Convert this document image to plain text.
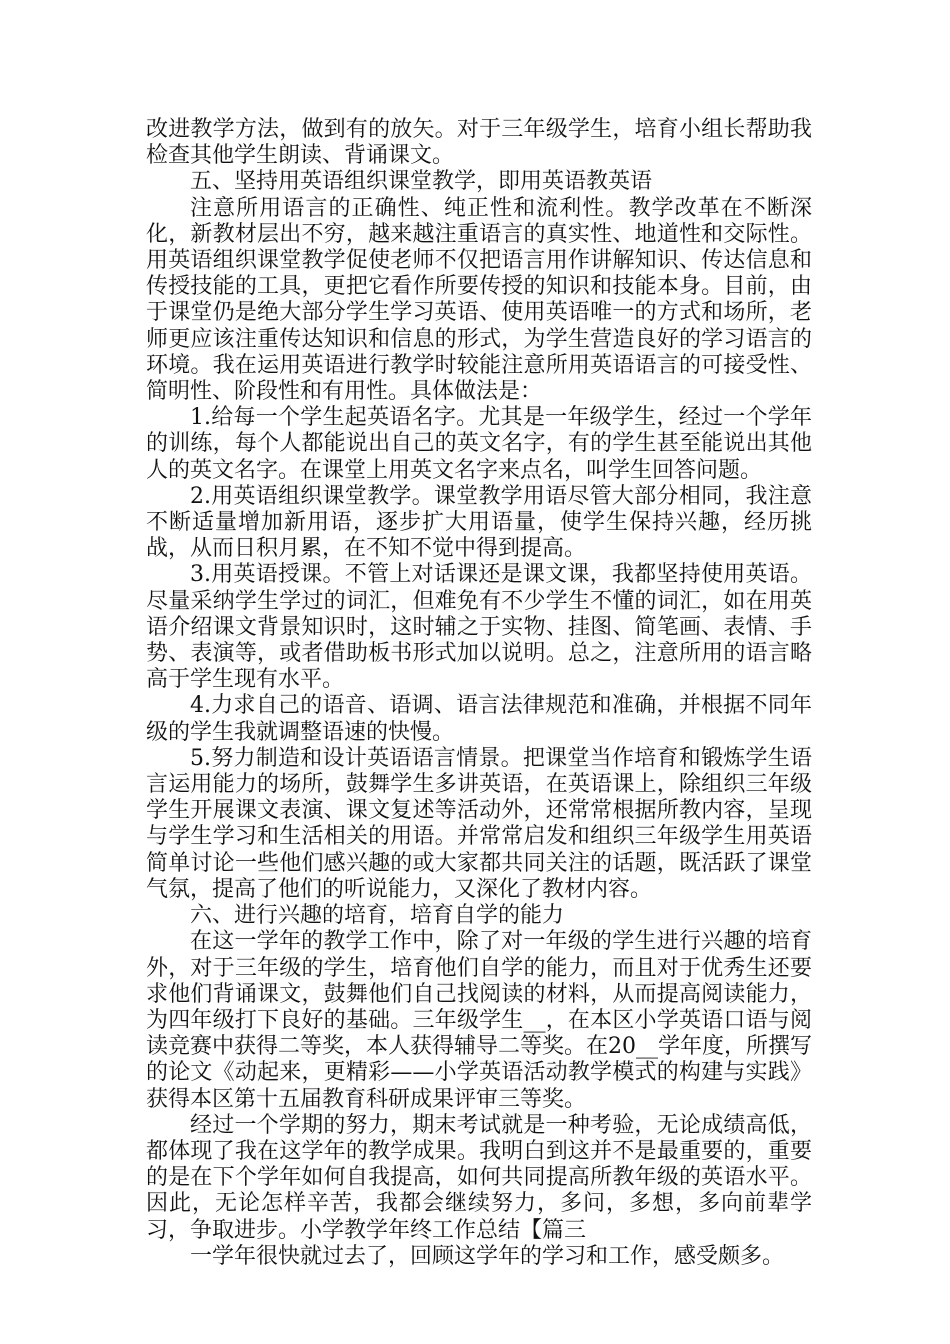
改进教学方法，做到有的放矢。对于三年级学生，培育小组长帮助我检查其他学生朗读、背诵课文。

五、坚持用英语组织课堂教学，即用英语教英语

注意所用语言的正确性、纯正性和流利性。教学改革在不断深化，新教材层出不穷，越来越注重语言的真实性、地道性和交际性。用英语组织课堂教学促使老师不仅把语言用作讲解知识、传达信息和传授技能的工具，更把它看作所要传授的知识和技能本身。目前，由于课堂仍是绝大部分学生学习英语、使用英语唯一的方式和场所，老师更应该注重传达知识和信息的形式，为学生营造良好的学习语言的环境。我在运用英语进行教学时较能注意所用英语语言的可接受性、简明性、阶段性和有用性。具体做法是：

1.给每一个学生起英语名字。尤其是一年级学生，经过一个学年的训练，每个人都能说出自己的英文名字，有的学生甚至能说出其他人的英文名字。在课堂上用英文名字来点名，叫学生回答问题。

2.用英语组织课堂教学。课堂教学用语尽管大部分相同，我注意不断适量增加新用语，逐步扩大用语量，使学生保持兴趣，经历挑战，从而日积月累，在不知不觉中得到提高。

3.用英语授课。不管上对话课还是课文课，我都坚持使用英语。尽量采纳学生学过的词汇，但难免有不少学生不懂的词汇，如在用英语介绍课文背景知识时，这时辅之于实物、挂图、简笔画、表情、手势、表演等，或者借助板书形式加以说明。总之，注意所用的语言略高于学生现有水平。

4.力求自己的语音、语调、语言法律规范和准确，并根据不同年级的学生我就调整语速的快慢。

5.努力制造和设计英语语言情景。把课堂当作培育和锻炼学生语言运用能力的场所，鼓舞学生多讲英语，在英语课上，除组织三年级学生开展课文表演、课文复述等活动外，还常常根据所教内容，呈现与学生学习和生活相关的用语。并常常启发和组织三年级学生用英语简单讨论一些他们感兴趣的或大家都共同关注的话题，既活跃了课堂气氛，提高了他们的听说能力，又深化了教材内容。

六、进行兴趣的培育，培育自学的能力

在这一学年的教学工作中，除了对一年级的学生进行兴趣的培育外，对于三年级的学生，培育他们自学的能力，而且对于优秀生还要求他们背诵课文，鼓舞他们自己找阅读的材料，从而提高阅读能力，为四年级打下良好的基础。三年级学生__，在本区小学英语口语与阅读竞赛中获得二等奖，本人获得辅导二等奖。在20__学年度，所撰写的论文《动起来，更精彩——小学英语活动教学模式的构建与实践》获得本区第十五届教育科研成果评审三等奖。

经过一个学期的努力，期末考试就是一种考验，无论成绩高低，都体现了我在这学年的教学成果。我明白到这并不是最重要的，重要的是在下个学年如何自我提高，如何共同提高所教年级的英语水平。因此，无论怎样辛苦，我都会继续努力，多问，多想，多向前辈学习，争取进步。小学教学年终工作总结【篇三

一学年很快就过去了，回顾这学年的学习和工作，感受颇多。
